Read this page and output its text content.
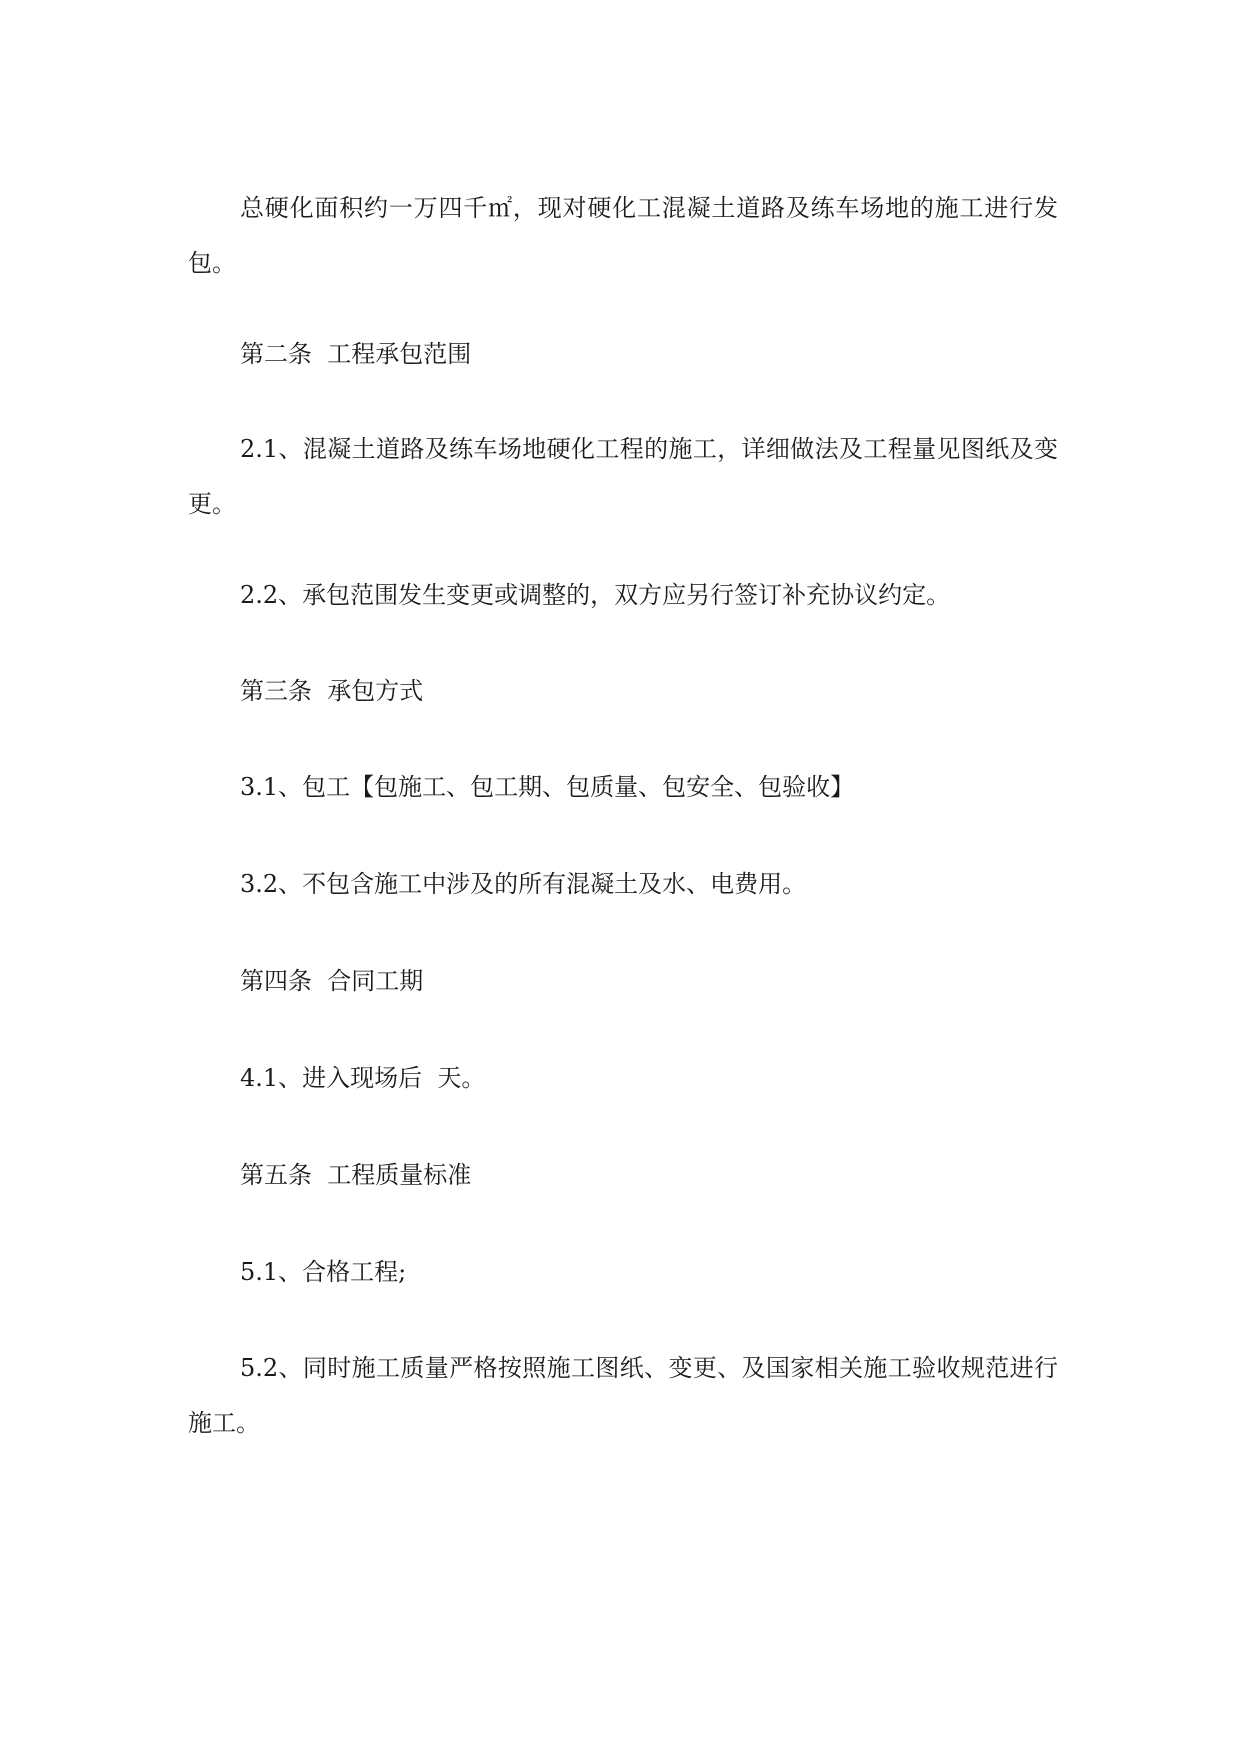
总硬化面积约一万四千㎡，现对硬化工混凝土道路及练车场地的施工进行发包。

第二条  工程承包范围

2.1、混凝土道路及练车场地硬化工程的施工，详细做法及工程量见图纸及变更。

2.2、承包范围发生变更或调整的，双方应另行签订补充协议约定。

第三条  承包方式

3.1、包工【包施工、包工期、包质量、包安全、包验收】

3.2、不包含施工中涉及的所有混凝土及水、电费用。

第四条  合同工期

4.1、进入现场后  天。

第五条  工程质量标准

5.1、合格工程;

5.2、同时施工质量严格按照施工图纸、变更、及国家相关施工验收规范进行施工。
